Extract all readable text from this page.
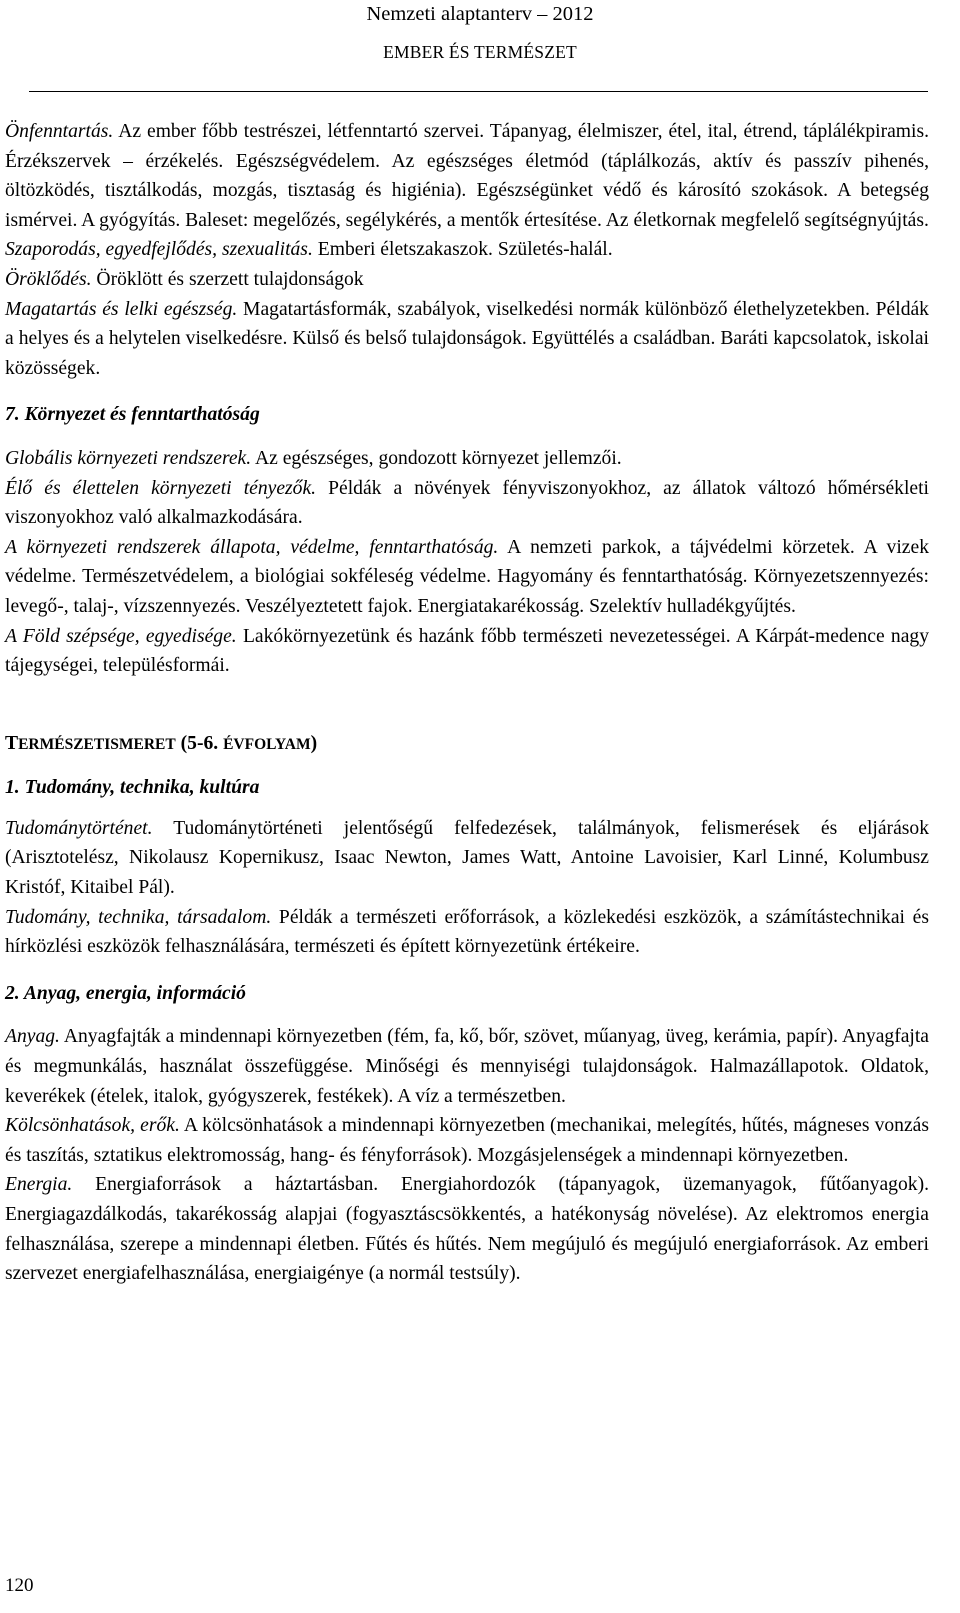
Nemzeti alaptanterv – 2012
EMBER ÉS TERMÉSZET

Önfenntartás. Az ember főbb testrészei, létfenntartó szervei. Tápanyag, élelmiszer, étel, ital, étrend, táplálékpiramis. Érzékszervek – érzékelés. Egészségvédelem. Az egészséges életmód (táplálkozás, aktív és passzív pihenés, öltözködés, tisztálkodás, mozgás, tisztaság és higiénia). Egészségünket védő és károsító szokások. A betegség ismérvei. A gyógyítás. Baleset: megelőzés, segélykérés, a mentők értesítése. Az életkornak megfelelő segítségnyújtás.
Szaporodás, egyedfejlődés, szexualitás. Emberi életszakaszok. Születés-halál.
Öröklődés. Öröklött és szerzett tulajdonságok
Magatartás és lelki egészség. Magatartásformák, szabályok, viselkedési normák különböző élethelyzetekben. Példák a helyes és a helytelen viselkedésre. Külső és belső tulajdonságok. Együttélés a családban. Baráti kapcsolatok, iskolai közösségek.

7. Környezet és fenntarthatóság

Globális környezeti rendszerek. Az egészséges, gondozott környezet jellemzői.
Élő és élettelen környezeti tényezők. Példák a növények fényviszonyokhoz, az állatok változó hőmérsékleti viszonyokhoz való alkalmazkodására.
A környezeti rendszerek állapota, védelme, fenntarthatóság. A nemzeti parkok, a tájvédelmi körzetek. A vizek védelme. Természetvédelem, a biológiai sokféleség védelme. Hagyomány és fenntarthatóság. Környezetszennyezés: levegő-, talaj-, vízszennyezés. Veszélyeztetett fajok. Energiatakarékosság. Szelektív hulladékgyűjtés.
A Föld szépsége, egyedisége. Lakókörnyezetünk és hazánk főbb természeti nevezetességei. A Kárpát-medence nagy tájegységei, településformái.

TERMÉSZETISMERET (5-6. ÉVFOLYAM)

1. Tudomány, technika, kultúra

Tudománytörténet. Tudománytörténeti jelentőségű felfedezések, találmányok, felismerések és eljárások (Arisztotelész, Nikolausz Kopernikusz, Isaac Newton, James Watt, Antoine Lavoisier, Karl Linné, Kolumbusz Kristóf, Kitaibel Pál).
Tudomány, technika, társadalom. Példák a természeti erőforrások, a közlekedési eszközök, a számítástechnikai és hírközlési eszközök felhasználására, természeti és épített környezetünk értékeire.

2. Anyag, energia, információ

Anyag. Anyagfajták a mindennapi környezetben (fém, fa, kő, bőr, szövet, műanyag, üveg, kerámia, papír). Anyagfajta és megmunkálás, használat összefüggése. Minőségi és mennyiségi tulajdonságok. Halmazállapotok. Oldatok, keverékek (ételek, italok, gyógyszerek, festékek). A víz a természetben.
Kölcsönhatások, erők. A kölcsönhatások a mindennapi környezetben (mechanikai, melegítés, hűtés, mágneses vonzás és taszítás, sztatikus elektromosság, hang- és fényforrások). Mozgásjelenségek a mindennapi környezetben.
Energia. Energiaforrások a háztartásban. Energiahordozók (tápanyagok, üzemanyagok, fűtőanyagok). Energiagazdálkodás, takarékosság alapjai (fogyasztáscsökkentés, a hatékonyság növelése). Az elektromos energia felhasználása, szerepe a mindennapi életben. Fűtés és hűtés. Nem megújuló és megújuló energiaforrások. Az emberi szervezet energiafelhasználása, energiaigénye (a normál testsúly).

120
